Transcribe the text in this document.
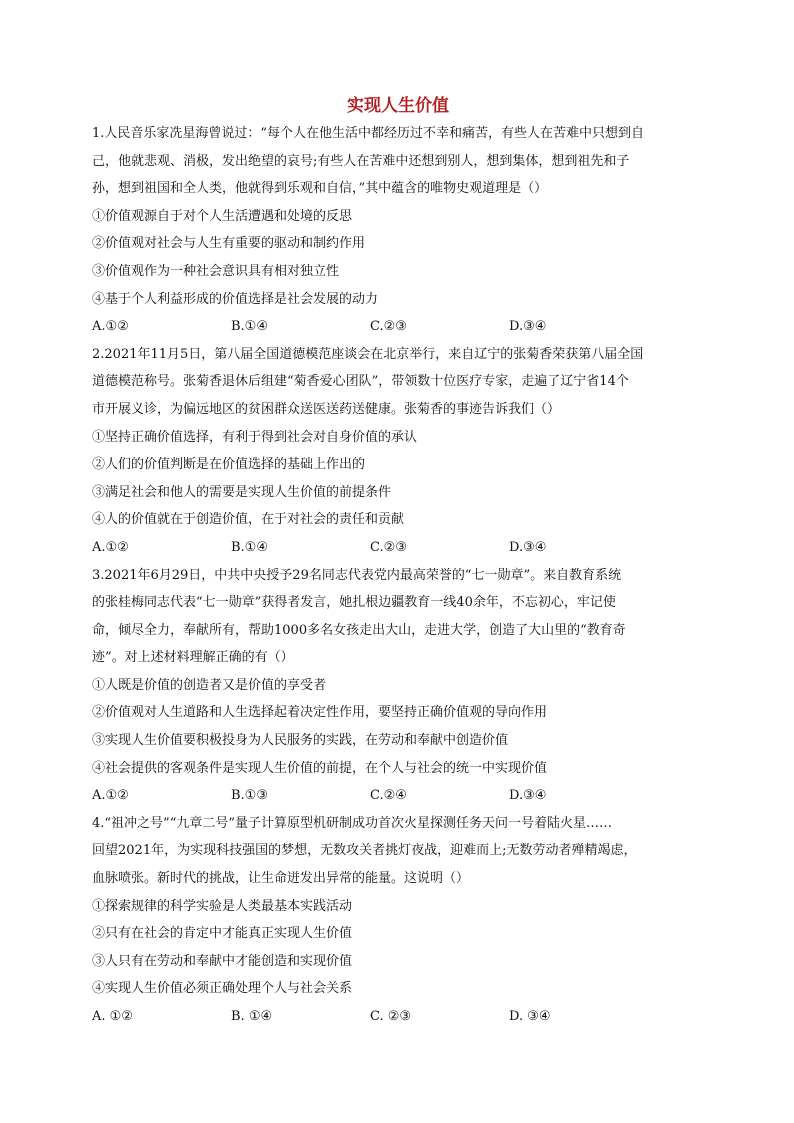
实现人生价值
1.人民音乐家冼星海曾说过：“每个人在他生活中都经历过不幸和痛苦，有些人在苦难中只想到自
己，他就悲观、消极，发出绝望的哀号;有些人在苦难中还想到别人，想到集体，想到祖先和子
孙，想到祖国和全人类，他就得到乐观和自信，”其中蕴含的唯物史观道理是（）
①价值观源自于对个人生活遭遇和处境的反思
②价值观对社会与人生有重要的驱动和制约作用
③价值观作为一种社会意识具有相对独立性
④基于个人利益形成的价值选择是社会发展的动力
A.①②	B.①④	C.②③	D.③④
2.2021年11月5日，第八届全国道德模范座谈会在北京举行，来自辽宁的张菊香荣获第八届全国
道德模范称号。张菊香退休后组建“菊香爱心团队”，带领数十位医疗专家，走遍了辽宁省14个
市开展义诊，为偏远地区的贫困群众送医送药送健康。张菊香的事迹告诉我们（）
①坚持正确价值选择，有利于得到社会对自身价值的承认
②人们的价值判断是在价值选择的基础上作出的
③满足社会和他人的需要是实现人生价值的前提条件
④人的价值就在于创造价值，在于对社会的责任和贡献
A.①②	B.①④	C.②③	D.③④
3.2021年6月29日，中共中央授予29名同志代表党内最高荣誉的“七一勋章”。来自教育系统
的张桂梅同志代表“七一勋章”获得者发言，她扎根边疆教育一线40余年，不忘初心，牢记使
命，倾尽全力，奉献所有，帮助1000多名女孩走出大山，走进大学，创造了大山里的“教育奇
迹”。对上述材料理解正确的有（）
①人既是价值的创造者又是价值的享受者
②价值观对人生道路和人生选择起着决定性作用，要坚持正确价值观的导向作用
③实现人生价值要积极投身为人民服务的实践，在劳动和奉献中创造价值
④社会提供的客观条件是实现人生价值的前提，在个人与社会的统一中实现价值
A.①②	B.①③	C.②④	D.③④
4.“祖冲之号”“九章二号”量子计算原型机研制成功首次火星探测任务天问一号着陆火星……
回望2021年，为实现科技强国的梦想，无数攻关者挑灯夜战，迎难而上;无数劳动者殚精竭虑，
血脉喷张。新时代的挑战，让生命迸发出异常的能量。这说明（）
①探索规律的科学实验是人类最基本实践活动
②只有在社会的肯定中才能真正实现人生价值
③人只有在劳动和奉献中才能创造和实现价值
④实现人生价值必须正确处理个人与社会关系
A. ①②	B. ①④	C. ②③	D. ③④
